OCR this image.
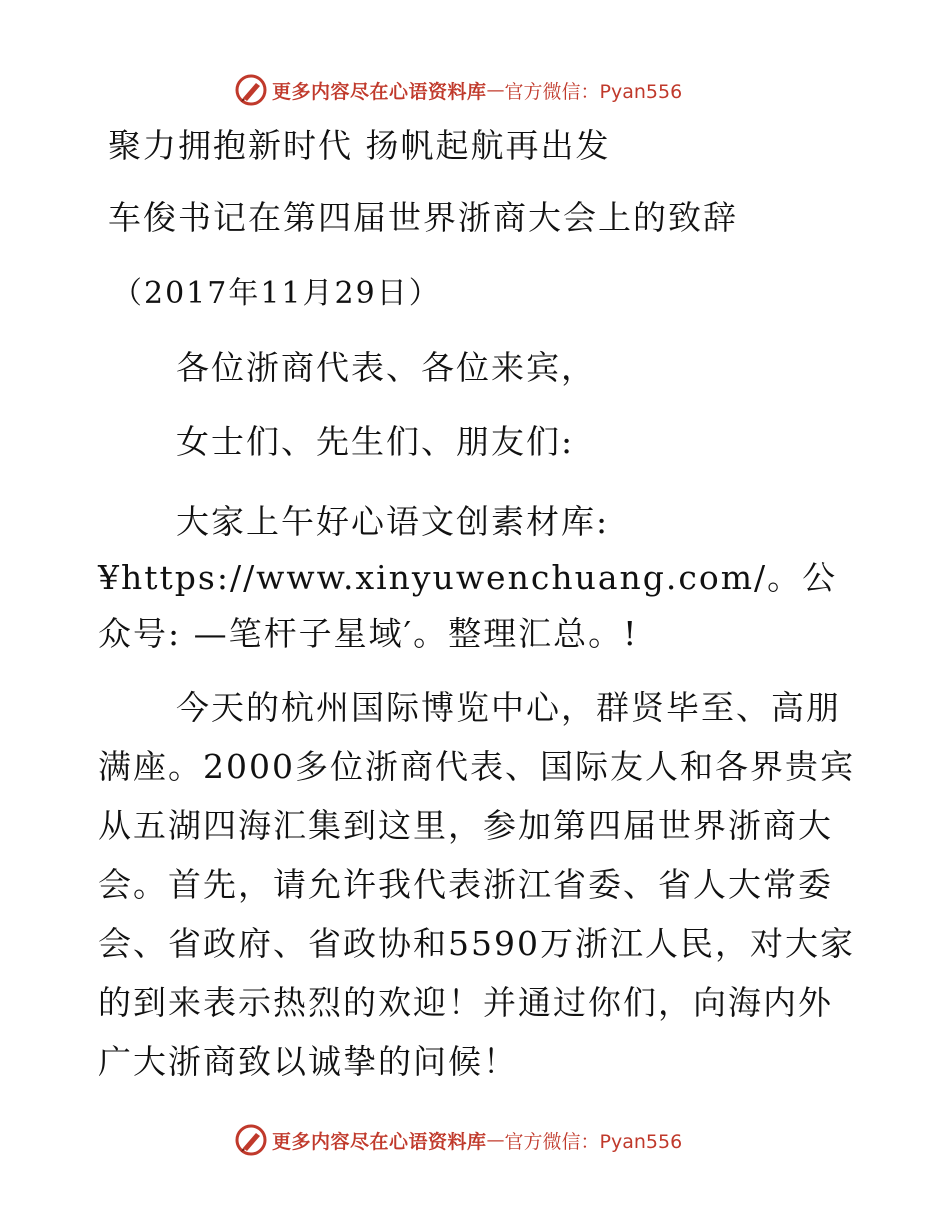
更多内容尽在心语资料库 — 官方微信：Pyan556
聚力拥抱新时代 扬帆起航再出发
车俊书记在第四届世界浙商大会上的致辞
（2017年11月29日）
各位浙商代表、各位来宾，
女士们、先生们、朋友们:

大家上午好心语文创素材库: ¥https://www.xinyuwenchuang.com/。公众号: —笔杆子星域′。整理汇总。!

今天的杭州国际博览中心，群贤毕至、高朋满座。2000多位浙商代表、国际友人和各界贵宾从五湖四海汇集到这里，参加第四届世界浙商大会。首先，请允许我代表浙江省委、省人大常委会、省政府、省政协和5590万浙江人民，对大家的到来表示热烈的欢迎！并通过你们，向海内外广大浙商致以诚挚的问候！

更多内容尽在心语资料库 — 官方微信：Pyan556
